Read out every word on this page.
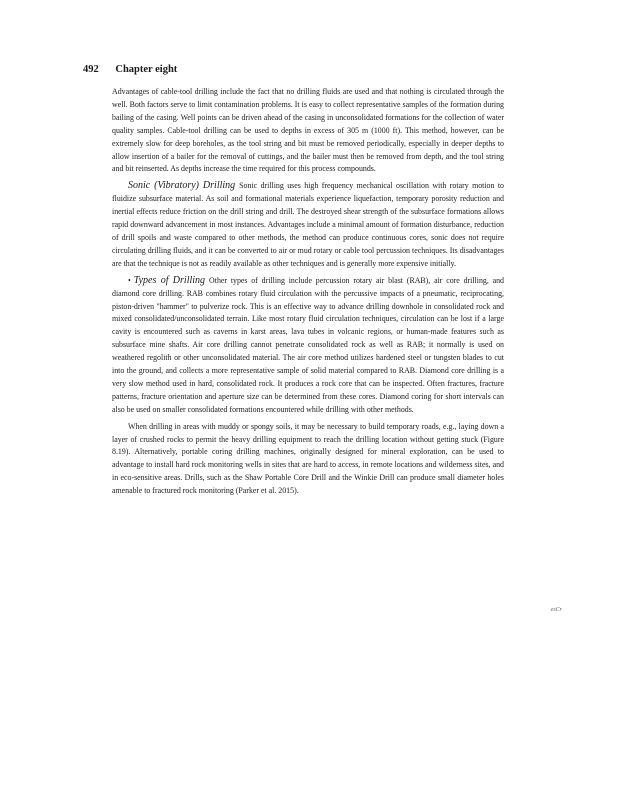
492 Chapter eight

Advantages of cable-tool drilling include the fact that no drilling fluids are used and that nothing is circulated through the well. Both factors serve to limit contamination problems. It is easy to collect representative samples of the formation during bailing of the casing. Well points can be driven ahead of the casing in unconsolidated formations for the collection of water quality samples. Cable-tool drilling can be used to depths in excess of 305 m (1000 ft). This method, however, can be extremely slow for deep boreholes, as the tool string and bit must be removed periodically, especially in deeper depths to allow insertion of a bailer for the removal of cuttings, and the bailer must then be removed from depth, and the tool string and bit reinserted. As depths increase the time required for this process compounds.

Sonic (Vibratory) Drilling Sonic drilling uses high frequency mechanical oscillation with rotary motion to fluidize subsurface material. As soil and formational materials experience liquefaction, temporary porosity reduction and inertial effects reduce friction on the drill string and drill. The destroyed shear strength of the subsurface formations allows rapid downward advancement in most instances. Advantages include a minimal amount of formation disturbance, reduction of drill spoils and waste compared to other methods, the method can produce continuous cores, sonic does not require circulating drilling fluids, and it can be converted to air or mud rotary or cable tool percussion techniques. Its disadvantages are that the technique is not as readily available as other techniques and is generally more expensive initially.

• Types of Drilling Other types of drilling include percussion rotary air blast (RAB), air core drilling, and diamond core drilling. RAB combines rotary fluid circulation with the percussive impacts of a pneumatic, reciprocating, piston-driven "hammer" to pulverize rock. This is an effective way to advance drilling downhole in consolidated rock and mixed consolidated/unconsolidated terrain. Like most rotary fluid circulation techniques, circulation can be lost if a large cavity is encountered such as caverns in karst areas, lava tubes in volcanic regions, or human-made features such as subsurface mine shafts. Air core drilling cannot penetrate consolidated rock as well as RAB; it normally is used on weathered regolith or other unconsolidated material. The air core method utilizes hardened steel or tungsten blades to cut into the ground, and collects a more representative sample of solid material compared to RAB. Diamond core drilling is a very slow method used in hard, consolidated rock. It produces a rock core that can be inspected. Often fractures, fracture patterns, fracture orientation and aperture size can be determined from these cores. Diamond coring for short intervals can also be used on smaller consolidated formations encountered while drilling with other methods.

When drilling in areas with muddy or spongy soils, it may be necessary to build temporary roads, e.g., laying down a layer of crushed rocks to permit the heavy drilling equipment to reach the drilling location without getting stuck (Figure 8.19). Alternatively, portable coring drilling machines, originally designed for mineral exploration, can be used to advantage to install hard rock monitoring wells in sites that are hard to access, in remote locations and wilderness sites, and in eco-sensitive areas. Drills, such as the Shaw Portable Core Drill and the Winkie Drill can produce small diameter holes amenable to fractured rock monitoring (Parker et al. 2015).

esCr
